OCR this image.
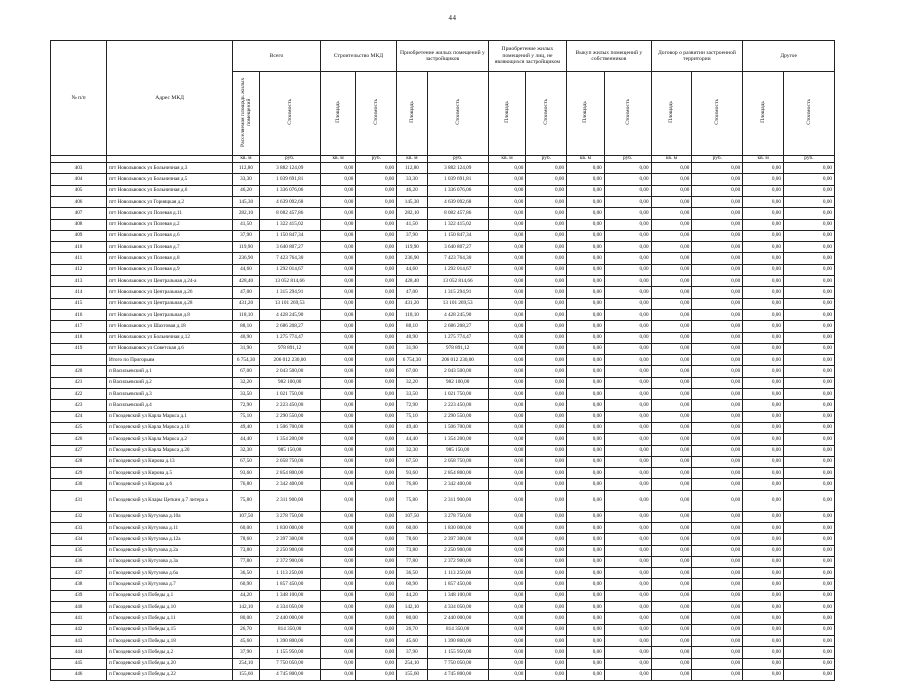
44
№ п/п	Адрес МКД	Всего		Строительство МКД		Приобретение жилых помещений у застройщиков		Приобретение жилых помещений у лиц, не являющихся застройщиком		Выкуп жилых помещений у собственников		Договор о развитии застроенной территории		Другое	
		Расселяемая площадь жилых помещений	Стоимость	Площадь	Стоимость	Площадь	Стоимость	Площадь	Стоимость	Площадь	Стоимость	Площадь	Стоимость	Площадь	Стоимость
		кв. м	руб.	кв. м	руб.	кв. м	руб.	кв. м	руб.	кв. м	руб.	кв. м	руб.	кв. м	руб.
403	пгт Новольвовск ул Больничная д.3	112,80	3 882 124,09	0,00	0,00	112,80	3 882 124,09	0,00	0,00	0,00	0,00	0,00	0,00	0,00	0,00
404	пгт Новольвовск ул Больничная д.5	33,30	1 039 691,81	0,00	0,00	33,30	1 039 691,81	0,00	0,00	0,00	0,00	0,00	0,00	0,00	0,00
405	пгт Новольвовск ул Больничная д.6	46,20	1 336 076,06	0,00	0,00	46,20	1 336 076,06	0,00	0,00	0,00	0,00	0,00	0,00	0,00	0,00
406	пгт Новольвовск ул Горняцкая д.2	145,30	4 639 092,68	0,00	0,00	145,30	4 639 092,68	0,00	0,00	0,00	0,00	0,00	0,00	0,00	0,00
407	пгт Новольвовск ул Полевая д.11	282,10	8 082 457,86	0,00	0,00	282,10	8 082 457,86	0,00	0,00	0,00	0,00	0,00	0,00	0,00	0,00
408	пгт Новольвовск ул Полевая д.2	41,50	1 322 415,02	0,00	0,00	41,50	1 322 415,02	0,00	0,00	0,00	0,00	0,00	0,00	0,00	0,00
409	пгт Новольвовск ул Полевая д.6	37,90	1 150 847,34	0,00	0,00	37,90	1 150 847,34	0,00	0,00	0,00	0,00	0,00	0,00	0,00	0,00
410	пгт Новольвовск ул Полевая д.7	119,90	3 640 807,27	0,00	0,00	119,90	3 640 807,27	0,00	0,00	0,00	0,00	0,00	0,00	0,00	0,00
411	пгт Новольвовск ул Полевая д.8	236,90	7 423 764,30	0,00	0,00	236,90	7 423 764,30	0,00	0,00	0,00	0,00	0,00	0,00	0,00	0,00
412	пгт Новольвовск ул Полевая д.9	44,60	1 292 014,67	0,00	0,00	44,60	1 292 014,67	0,00	0,00	0,00	0,00	0,00	0,00	0,00	0,00
413	пгт Новольвовск ул Центральная д.24-а	428,40	13 052 814,66	0,00	0,00	428,40	13 052 814,66	0,00	0,00	0,00	0,00	0,00	0,00	0,00	0,00
414	пгт Новольвовск ул Центральная д.26	47,00	1 315 294,91	0,00	0,00	47,00	1 315 294,91	0,00	0,00	0,00	0,00	0,00	0,00	0,00	0,00
415	пгт Новольвовск ул Центральная д.28	431,20	13 101 269,53	0,00	0,00	431,20	13 101 269,53	0,00	0,00	0,00	0,00	0,00	0,00	0,00	0,00
416	пгт Новольвовск ул Центральная д.8	118,10	4 428 245,90	0,00	0,00	118,10	4 428 245,90	0,00	0,00	0,00	0,00	0,00	0,00	0,00	0,00
417	пгт Новольвовск ул Шахтовая д.18	88,10	2 686 208,27	0,00	0,00	88,10	2 686 208,27	0,00	0,00	0,00	0,00	0,00	0,00	0,00	0,00
418	пгт Новольвовск ул Больничная д.12	40,90	1 275 774,47	0,00	0,00	40,90	1 275 774,47	0,00	0,00	0,00	0,00	0,00	0,00	0,00	0,00
419	пгт Новольвовск ул Советская д.6	31,90	978 891,12	0,00	0,00	31,90	978 891,12	0,00	0,00	0,00	0,00	0,00	0,00	0,00	0,00
	Итого по Пригорьям	6 754,30	206 012 230,00	0,00	0,00	6 754,30	206 012 230,00	0,00	0,00	0,00	0,00	0,00	0,00	0,00	0,00
420	п Васильевский д.1	67,00	2 043 500,00	0,00	0,00	67,00	2 043 500,00	0,00	0,00	0,00	0,00	0,00	0,00	0,00	0,00
421	п Васильевский д.2	32,20	982 100,00	0,00	0,00	32,20	982 100,00	0,00	0,00	0,00	0,00	0,00	0,00	0,00	0,00
422	п Васильевский д.3	33,50	1 021 750,00	0,00	0,00	33,50	1 021 750,00	0,00	0,00	0,00	0,00	0,00	0,00	0,00	0,00
423	п Васильевский д.4	72,90	2 223 450,00	0,00	0,00	72,90	2 223 450,00	0,00	0,00	0,00	0,00	0,00	0,00	0,00	0,00
424	п Гвоздевский ул Карла Маркса д.1	75,10	2 290 550,00	0,00	0,00	75,10	2 290 550,00	0,00	0,00	0,00	0,00	0,00	0,00	0,00	0,00
425	п Гвоздевский ул Карла Маркса д.10	49,40	1 506 700,00	0,00	0,00	49,40	1 506 700,00	0,00	0,00	0,00	0,00	0,00	0,00	0,00	0,00
426	п Гвоздевский ул Карла Маркса д.2	44,40	1 354 200,00	0,00	0,00	44,40	1 354 200,00	0,00	0,00	0,00	0,00	0,00	0,00	0,00	0,00
427	п Гвоздевский ул Карла Маркса д.20	32,30	985 150,00	0,00	0,00	32,30	985 150,00	0,00	0,00	0,00	0,00	0,00	0,00	0,00	0,00
428	п Гвоздевский ул Кирова д.13	67,50	2 058 750,00	0,00	0,00	67,50	2 058 750,00	0,00	0,00	0,00	0,00	0,00	0,00	0,00	0,00
429	п Гвоздевский ул Кирова д.5	93,60	2 854 800,00	0,00	0,00	93,60	2 854 800,00	0,00	0,00	0,00	0,00	0,00	0,00	0,00	0,00
430	п Гвоздевский ул Кирова д.6	76,80	2 342 400,00	0,00	0,00	76,80	2 342 400,00	0,00	0,00	0,00	0,00	0,00	0,00	0,00	0,00
431	п Гвоздевский ул Клары Цеткин д.7 литера а	75,80	2 311 900,00	0,00	0,00	75,80	2 311 900,00	0,00	0,00	0,00	0,00	0,00	0,00	0,00	0,00
432	п Гвоздевский ул Кутузова д.10а	107,50	3 278 750,00	0,00	0,00	107,50	3 278 750,00	0,00	0,00	0,00	0,00	0,00	0,00	0,00	0,00
433	п Гвоздевский ул Кутузова д.11	60,00	1 830 000,00	0,00	0,00	60,00	1 830 000,00	0,00	0,00	0,00	0,00	0,00	0,00	0,00	0,00
434	п Гвоздевский ул Кутузова д.12а	78,60	2 397 300,00	0,00	0,00	78,60	2 397 300,00	0,00	0,00	0,00	0,00	0,00	0,00	0,00	0,00
435	п Гвоздевский ул Кутузова д.2а	73,80	2 250 900,00	0,00	0,00	73,80	2 250 900,00	0,00	0,00	0,00	0,00	0,00	0,00	0,00	0,00
436	п Гвоздевский ул Кутузова д.3а	77,80	2 372 900,00	0,00	0,00	77,80	2 372 900,00	0,00	0,00	0,00	0,00	0,00	0,00	0,00	0,00
437	п Гвоздевский ул Кутузова д.6а	36,50	1 113 250,00	0,00	0,00	36,50	1 113 250,00	0,00	0,00	0,00	0,00	0,00	0,00	0,00	0,00
438	п Гвоздевский ул Кутузова д.7	60,90	1 857 450,00	0,00	0,00	60,90	1 857 450,00	0,00	0,00	0,00	0,00	0,00	0,00	0,00	0,00
439	п Гвоздевский ул Победы д.1	44,20	1 348 100,00	0,00	0,00	44,20	1 348 100,00	0,00	0,00	0,00	0,00	0,00	0,00	0,00	0,00
440	п Гвоздевский ул Победы д.10	142,10	4 334 050,00	0,00	0,00	142,10	4 334 050,00	0,00	0,00	0,00	0,00	0,00	0,00	0,00	0,00
441	п Гвоздевский ул Победы д.11	80,00	2 440 000,00	0,00	0,00	80,00	2 440 000,00	0,00	0,00	0,00	0,00	0,00	0,00	0,00	0,00
442	п Гвоздевский ул Победы д.15	26,70	814 350,00	0,00	0,00	26,70	814 350,00	0,00	0,00	0,00	0,00	0,00	0,00	0,00	0,00
443	п Гвоздевский ул Победы д.18	45,60	1 390 800,00	0,00	0,00	45,60	1 390 800,00	0,00	0,00	0,00	0,00	0,00	0,00	0,00	0,00
444	п Гвоздевский ул Победы д.2	37,90	1 155 950,00	0,00	0,00	37,90	1 155 950,00	0,00	0,00	0,00	0,00	0,00	0,00	0,00	0,00
445	п Гвоздевский ул Победы д.20	254,10	7 750 050,00	0,00	0,00	254,10	7 750 050,00	0,00	0,00	0,00	0,00	0,00	0,00	0,00	0,00
446	п Гвоздевский ул Победы д.22	155,60	4 745 800,00	0,00	0,00	155,60	4 745 800,00	0,00	0,00	0,00	0,00	0,00	0,00	0,00	0,00
